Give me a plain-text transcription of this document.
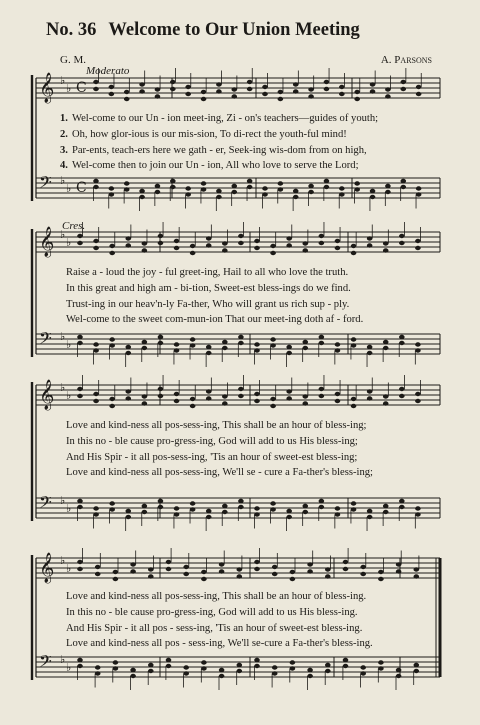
No. 36 Welcome to Our Union Meeting
G. M.	A. Parsons
Moderato
Cres.
𝄞 ♭
♭
𝄢 ♭
♭
C
C
𝄞 ♭
♭
𝄢 ♭
♭
𝄞 ♭
♭
𝄢 ♭
♭
𝄞 ♭
♭
𝄢 ♭
♭
1. Wel-come to our Un - ion meet-ing, Zi - on's teachers—guides of youth;
2. Oh, how glor-ious is our mis-sion, To di-rect the youth-ful mind!
3. Par-ents, teach-ers here we gath - er, Seek-ing wis-dom from on high,
4. Wel-come then to join our Un - ion, All who love to serve the Lord;
Raise a - loud the joy - ful greet-ing, Hail to all who love the truth.
In this great and high am - bi-tion, Sweet-est bless-ings do we find.
Trust-ing in our heav'n-ly Fa-ther, Who will grant us rich sup - ply.
Wel-come to the sweet com-mun-ion That our meet-ing doth af - ford.
Love and kind-ness all pos-sess-ing, This shall be an hour of bless-ing;
In this no - ble cause pro-gress-ing, God will add to us His bless-ing;
And His Spir - it all pos-sess-ing, 'Tis an hour of sweet-est bless-ing;
Love and kind-ness all pos-sess-ing, We'll se - cure a Fa-ther's bless-ing;
Love and kind-ness all pos-sess-ing, This shall be an hour of bless-ing.
In this no - ble cause pro-gress-ing, God will add to us His bless-ing.
And His Spir - it all pos - sess-ing, 'Tis an hour of sweet-est bless-ing.
Love and kind-ness all pos - sess-ing, We'll se-cure a Fa-ther's bless-ing.
